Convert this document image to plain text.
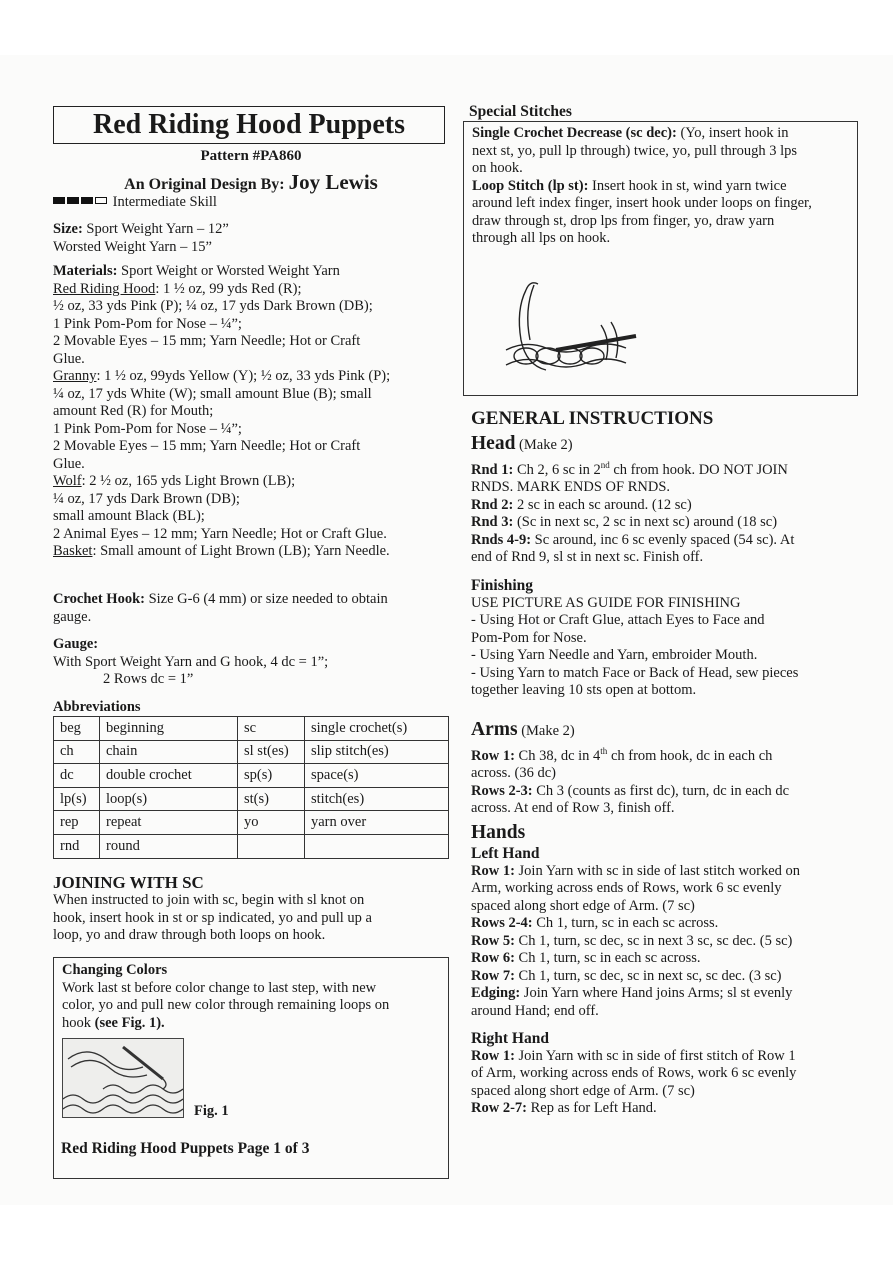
Red Riding Hood Puppets
Pattern #PA860
An Original Design By: Joy Lewis
Intermediate Skill
Size: Sport Weight Yarn – 12”
Worsted Weight Yarn – 15”
Materials: Sport Weight or Worsted Weight Yarn
Red Riding Hood: 1 ½ oz, 99 yds Red (R);
½ oz, 33 yds Pink (P); ¼ oz, 17 yds Dark Brown (DB);
1 Pink Pom-Pom for Nose – ¼”;
2 Movable Eyes – 15 mm; Yarn Needle; Hot or Craft
Glue.
Granny: 1 ½ oz, 99yds Yellow (Y); ½ oz, 33 yds Pink (P);
¼ oz, 17 yds White (W); small amount Blue (B); small
amount Red (R) for Mouth;
1 Pink Pom-Pom for Nose – ¼”;
2 Movable Eyes – 15 mm; Yarn Needle; Hot or Craft
Glue.
Wolf: 2 ½ oz, 165 yds Light Brown (LB);
¼ oz, 17 yds Dark Brown (DB);
small amount Black (BL);
2 Animal Eyes – 12 mm; Yarn Needle; Hot or Craft Glue.
Basket: Small amount of Light Brown (LB); Yarn Needle.
Crochet Hook: Size G-6 (4 mm) or size needed to obtain
gauge.
Gauge:
With Sport Weight Yarn and G hook, 4 dc = 1”;
2 Rows dc = 1”
Abbreviations
beg	beginning	sc	single crochet(s)
ch	chain	sl st(es)	slip stitch(es)
dc	double crochet	sp(s)	space(s)
lp(s)	loop(s)	st(s)	stitch(es)
rep	repeat	yo	yarn over
rnd	round		
JOINING WITH SC
When instructed to join with sc, begin with sl knot on
hook, insert hook in st or sp indicated, yo and pull up a
loop, yo and draw through both loops on hook.
Changing Colors
Work last st before color change to last step, with new
color, yo and pull new color through remaining loops on
hook (see Fig. 1).
Fig. 1
Red Riding Hood Puppets Page 1 of 3
Special Stitches
Single Crochet Decrease (sc dec): (Yo, insert hook in
next st, yo, pull lp through) twice, yo, pull through 3 lps
on hook.
Loop Stitch (lp st): Insert hook in st, wind yarn twice
around left index finger, insert hook under loops on finger,
draw through st, drop lps from finger, yo, draw yarn
through all lps on hook.
GENERAL INSTRUCTIONS
Head (Make 2)
Rnd 1: Ch 2, 6 sc in 2nd ch from hook. DO NOT JOIN
RNDS. MARK ENDS OF RNDS.
Rnd 2: 2 sc in each sc around. (12 sc)
Rnd 3: (Sc in next sc, 2 sc in next sc) around (18 sc)
Rnds 4-9: Sc around, inc 6 sc evenly spaced (54 sc). At
end of Rnd 9, sl st in next sc. Finish off.
Finishing
USE PICTURE AS GUIDE FOR FINISHING
- Using Hot or Craft Glue, attach Eyes to Face and
Pom-Pom for Nose.
- Using Yarn Needle and Yarn, embroider Mouth.
- Using Yarn to match Face or Back of Head, sew pieces
together leaving 10 sts open at bottom.
Arms (Make 2)
Row 1: Ch 38, dc in 4th ch from hook, dc in each ch
across. (36 dc)
Rows 2-3: Ch 3 (counts as first dc), turn, dc in each dc
across. At end of Row 3, finish off.
Hands
Left Hand
Row 1: Join Yarn with sc in side of last stitch worked on
Arm, working across ends of Rows, work 6 sc evenly
spaced along short edge of Arm. (7 sc)
Rows 2-4: Ch 1, turn, sc in each sc across.
Row 5: Ch 1, turn, sc dec, sc in next 3 sc, sc dec. (5 sc)
Row 6: Ch 1, turn, sc in each sc across.
Row 7: Ch 1, turn, sc dec, sc in next sc, sc dec. (3 sc)
Edging: Join Yarn where Hand joins Arms; sl st evenly
around Hand; end off.
Right Hand
Row 1: Join Yarn with sc in side of first stitch of Row 1
of Arm, working across ends of Rows, work 6 sc evenly
spaced along short edge of Arm. (7 sc)
Row 2-7: Rep as for Left Hand.
